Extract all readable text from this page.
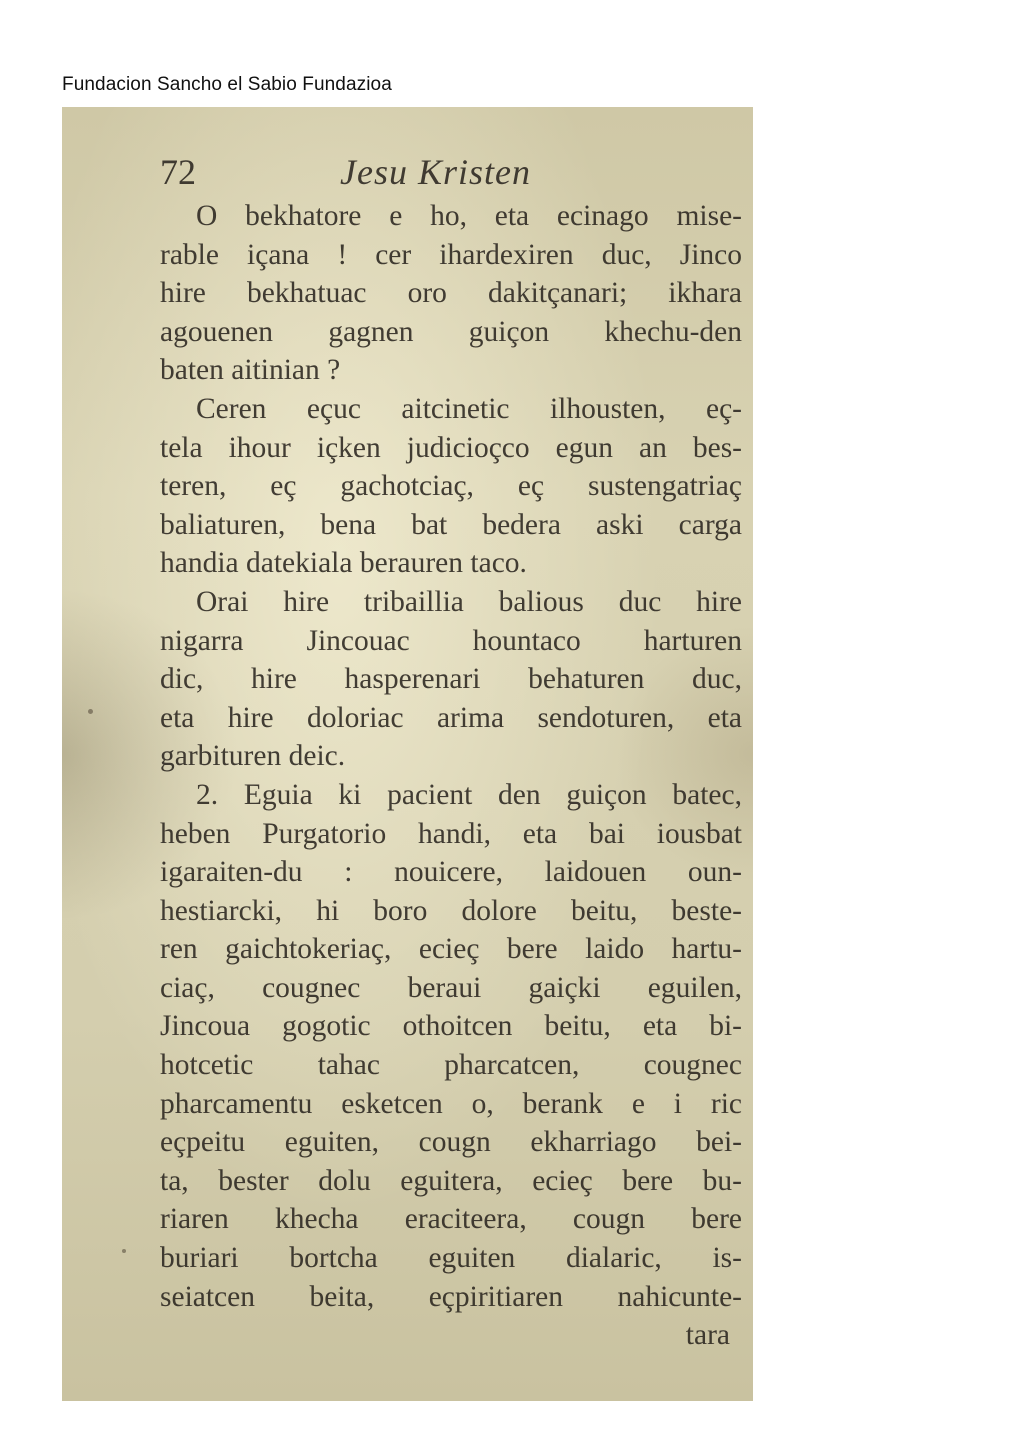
Fundacion Sancho el Sabio Fundazioa
72	Jesu Kristen
O bekhatore e ho, eta ecinago mise-
rable içana ! cer ihardexiren duc, Jinco
hire bekhatuac oro dakitçanari; ikhara
agouenen gagnen guiçon khechu-den
baten aitinian ?
Ceren eçuc aitcinetic ilhousten, eç-
tela ihour içken judicioçco egun an bes-
teren, eç gachotciaç, eç sustengatriaç
baliaturen, bena bat bedera aski carga
handia datekiala berauren taco.
Orai hire tribaillia balious duc hire
nigarra Jincouac hountaco harturen
dic, hire hasperenari behaturen duc,
eta hire doloriac arima sendoturen, eta
garbituren deic.
2. Eguia ki pacient den guiçon batec,
heben Purgatorio handi, eta bai iousbat
igaraiten-du : nouicere, laidouen oun-
hestiarcki, hi boro dolore beitu, beste-
ren gaichtokeriaç, ecieç bere laido hartu-
ciaç, cougnec beraui gaiçki eguilen,
Jincoua gogotic othoitcen beitu, eta bi-
hotcetic tahac pharcatcen, cougnec
pharcamentu esketcen o, berank e i ric
eçpeitu eguiten, cougn ekharriago bei-
ta, bester dolu eguitera, ecieç bere bu-
riaren khecha eraciteera, cougn bere
buriari bortcha eguiten dialaric, is-
seiatcen beita, eçpiritiaren nahicunte-
tara
